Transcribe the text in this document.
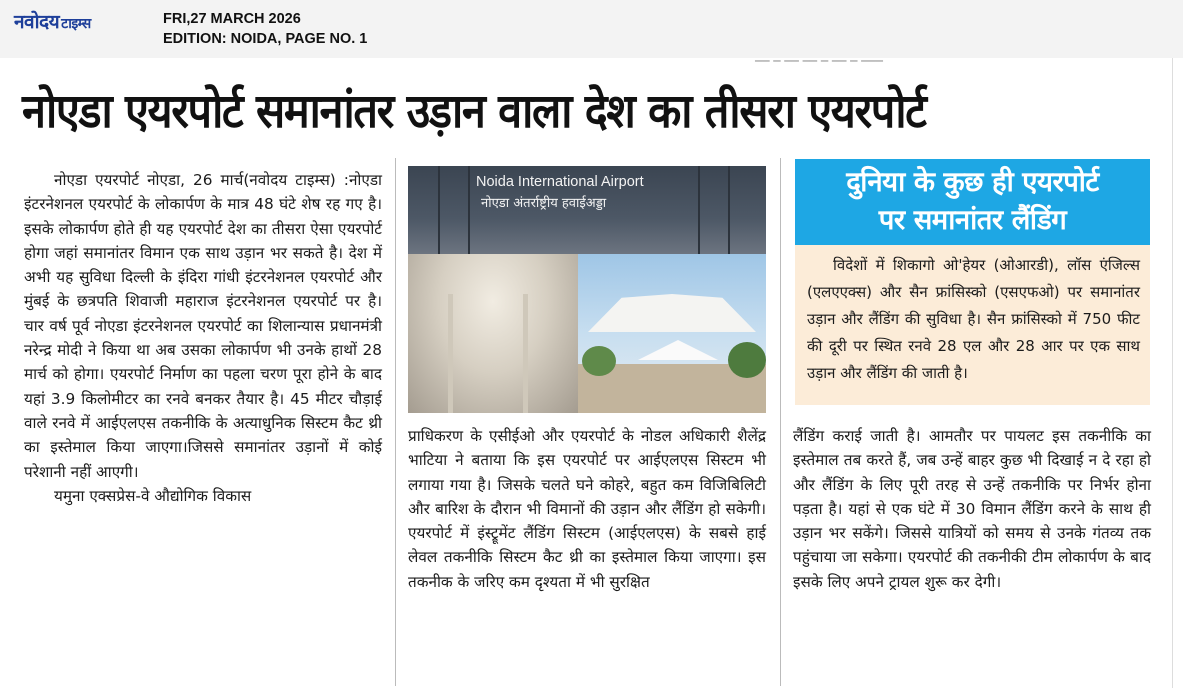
नवोदय टाइम्स	FRI,27 MARCH 2026
EDITION: NOIDA, PAGE NO. 1
── ─ ── ── ─ ── ─ ───
नोएडा एयरपोर्ट समानांतर उड़ान वाला देश का तीसरा एयरपोर्ट

नोएडा एयरपोर्ट नोएडा, 26 मार्च(नवोदय टाइम्स) :नोएडा इंटरनेशनल एयरपोर्ट के लोकार्पण के मात्र 48 घंटे शेष रह गए है। इसके लोकार्पण होते ही यह एयरपोर्ट देश का तीसरा ऐसा एयरपोर्ट होगा जहां समानांतर विमान एक साथ उड़ान भर सकते है। देश में अभी यह सुविधा दिल्ली के इंदिरा गांधी इंटरनेशनल एयरपोर्ट और मुंबई के छत्रपति शिवाजी महाराज इंटरनेशनल एयरपोर्ट पर है। चार वर्ष पूर्व नोएडा इंटरनेशनल एयरपोर्ट का शिलान्यास प्रधानमंत्री नरेन्द्र मोदी ने किया था अब उसका लोकार्पण भी उनके हाथों 28 मार्च को होगा। एयरपोर्ट निर्माण का पहला चरण पूरा होने के बाद यहां 3.9 किलोमीटर का रनवे बनकर तैयार है। 45 मीटर चौड़ाई वाले रनवे में आईएलएस तकनीकि के अत्याधुनिक सिस्टम कैट थ्री का इस्तेमाल किया जाएगा।जिससे समानांतर उड़ानों में कोई परेशानी नहीं आएगी।

यमुना एक्सप्रेस-वे औद्योगिक विकास

Noida International Airport
नोएडा अंतर्राष्ट्रीय हवाईअड्डा

प्राधिकरण के एसीईओ और एयरपोर्ट के नोडल अधिकारी शैलेंद्र भाटिया ने बताया कि इस एयरपोर्ट पर आईएलएस सिस्टम भी लगाया गया है। जिसके चलते घने कोहरे, बहुत कम विजिबिलिटी और बारिश के दौरान भी विमानों की उड़ान और लैंडिंग हो सकेगी। एयरपोर्ट में इंस्ट्रूमेंट लैंडिंग सिस्टम (आईएलएस) के सबसे हाई लेवल तकनीकि सिस्टम कैट थ्री का इस्तेमाल किया जाएगा। इस तकनीक के जरिए कम दृश्यता में भी सुरक्षित

दुनिया के कुछ ही एयरपोर्ट
पर समानांतर लैंडिंग

विदेशों में शिकागो ओ'हेयर (ओआरडी), लॉस एंजिल्स (एलएएक्स) और सैन फ्रांसिस्को (एसएफओ) पर समानांतर उड़ान और लैंडिंग की सुविधा है। सैन फ्रांसिस्को में 750 फीट की दूरी पर स्थित रनवे 28 एल और 28 आर पर एक साथ उड़ान और लैंडिंग की जाती है।

लैंडिंग कराई जाती है। आमतौर पर पायलट इस तकनीकि का इस्तेमाल तब करते हैं, जब उन्हें बाहर कुछ भी दिखाई न दे रहा हो और लैंडिंग के लिए पूरी तरह से उन्हें तकनीकि पर निर्भर होना पड़ता है। यहां से एक घंटे में 30 विमान लैंडिंग करने के साथ ही उड़ान भर सकेंगे। जिससे यात्रियों को समय से उनके गंतव्य तक पहुंचाया जा सकेगा। एयरपोर्ट की तकनीकी टीम लोकार्पण के बाद इसके लिए अपने ट्रायल शुरू कर देगी।
